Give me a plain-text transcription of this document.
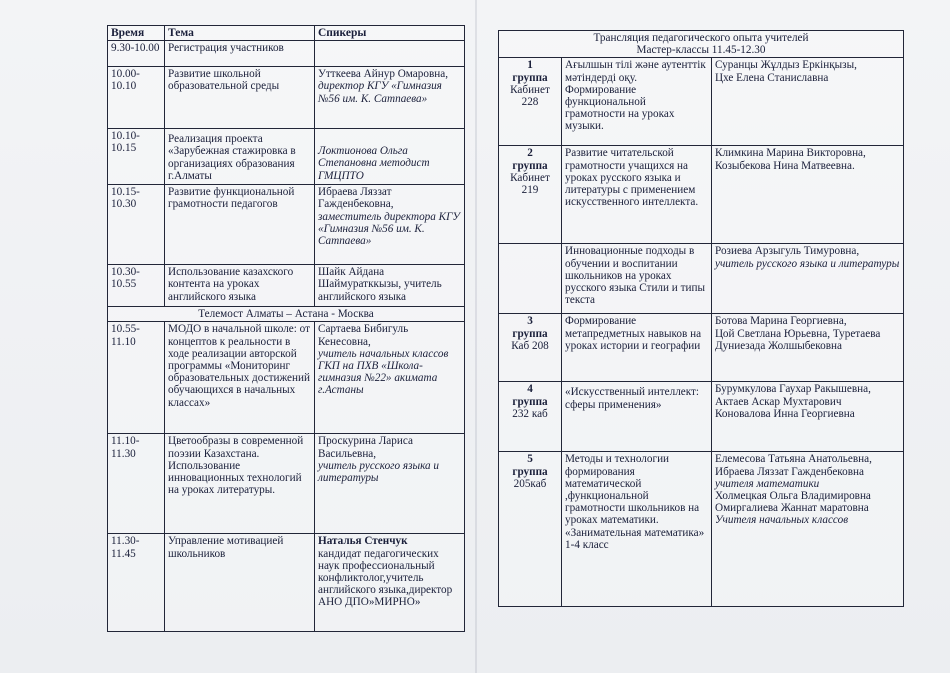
Время	Тема	Спикеры
9.30-10.00	Регистрация участников	
10.00-10.10	Развитие школьной образовательной среды	Утткеева Айнур Омаровна,
директор КГУ «Гимназия №56 им. К. Сатпаева»

10.10-10.15	Реализация проекта «Зарубежная стажировка в организациях образования г.Алматы	Локтионова Ольга Степановна методист ГМЦПТО

10.15-10.30	Развитие функциональной грамотности педагогов	Ибраева Ляззат Гажденбековна,
заместитель директора КГУ «Гимназия №56 им. К. Сатпаева»

10.30-10.55	Использование казахского контента на уроках английского языка	Шайк Айдана Шаймуратккызы, учитель английского языка
Телемост Алматы – Астана - Москва		
10.55-11.10	МОДО в начальной школе: от концептов к реальности в ходе реализации авторской программы «Мониторинг образовательных достижений обучающихся в начальных классах»	Сартаева Бибигуль Кенесовна,
учитель начальных классов ГКП на ПХВ «Школа-гимназия №22» акимата г.Астаны

11.10-11.30	Цветообразы в современной поэзии Казахстана. Использование инновационных технологий на уроках литературы.	Проскурина Лариса Васильевна,
учитель русского языка и литературы

11.30-11.45	Управление мотивацией школьников	Наталья Стенчук
кандидат педагогических наук профессиональный конфликтолог,учитель английского языка,директор АНО ДПО»МИРНО»
Трансляция педагогического опыта учителей
Мастер-классы 11.45-12.30		

1
группа
Кабинет 228	Ағылшын тілі және аутенттік мәтіндерді оқу. Формирование функциональной грамотности на уроках музыки.	Суранцы Жұлдыз Еркінқызы,
Цхе Елена Станиславна

2
группа
Кабинет 219	Развитие читательской грамотности учащихся на уроках русского языка и литературы с применением искусственного интеллекта.	Климкина Марина Викторовна,
Козыбекова Нина Матвеевна.

	Инновационные подходы в обучении и воспитании школьников на уроках русского языка Стили и типы текста	Розиева Арзыгуль Тимуровна,
учитель русского языка и литературы

3
группа
Каб 208	Формирование метапредметных навыков на уроках истории и географии	Ботова Марина Георгиевна,
Цой Светлана Юрьевна, Туретаева Дуниезада Жолшыбековна

4
группа
232 каб	«Искусственный интеллект: сферы применения»	Бурумкулова Гаухар Ракышевна, Актаев Аскар Мухтарович
Коновалова Инна Георгиевна

5
группа
205каб	Методы и технологии формирования математической ,функциональной грамотности школьников на уроках математики. «Занимательная математика» 1-4 класс	Елемесова Татьяна Анатольевна, Ибраева Ляззат Гажденбековна
учителя математики
Холмецкая Ольга Владимировна Омиргалиева Жаннат маратовна
Учителя начальных классов
